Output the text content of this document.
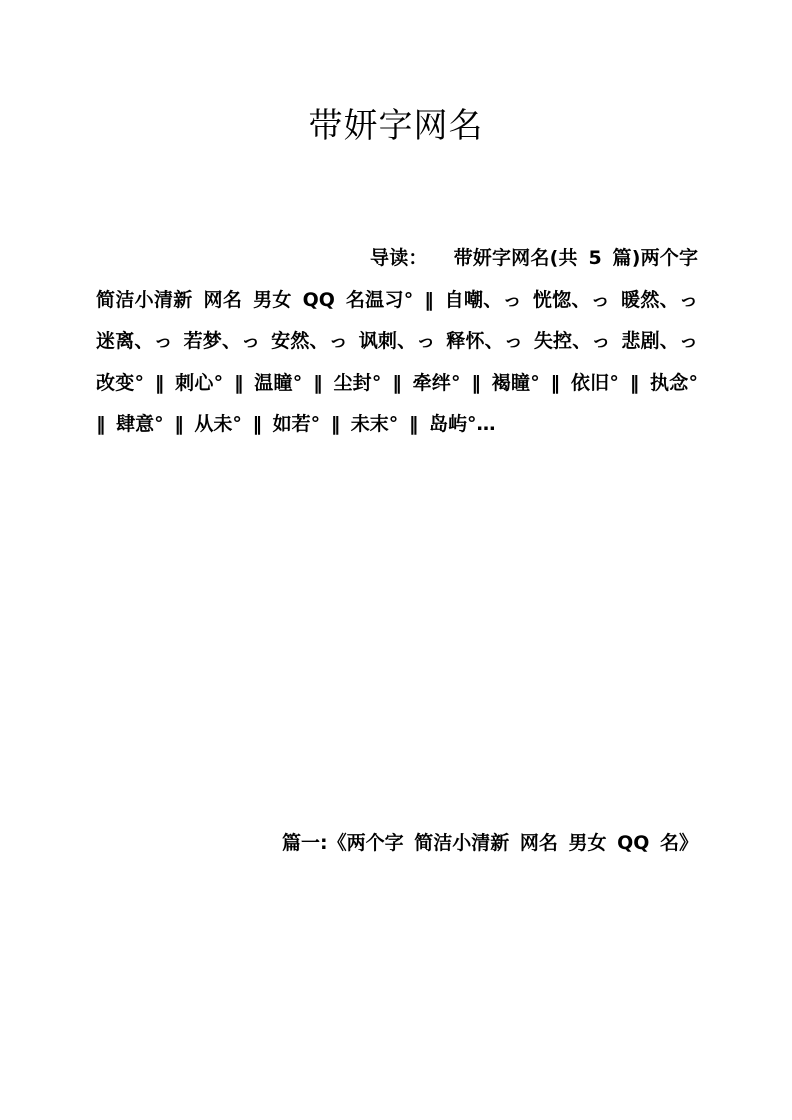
带妍字网名

导读： 带妍字网名(共 5 篇)两个字 简洁小清新 网名 男女 QQ 名温习° ‖ 自嘲、っ 恍惚、っ 暖然、っ 迷离、っ 若梦、っ 安然、っ 讽刺、っ 释怀、っ 失控、っ 悲剧、っ 改变° ‖ 刺心° ‖ 温瞳° ‖ 尘封° ‖ 牵绊° ‖ 褐瞳° ‖ 依旧° ‖ 执念° ‖ 肆意° ‖ 从未° ‖ 如若° ‖ 未末° ‖ 岛屿°…

篇一:《两个字 简洁小清新 网名 男女 QQ 名》
